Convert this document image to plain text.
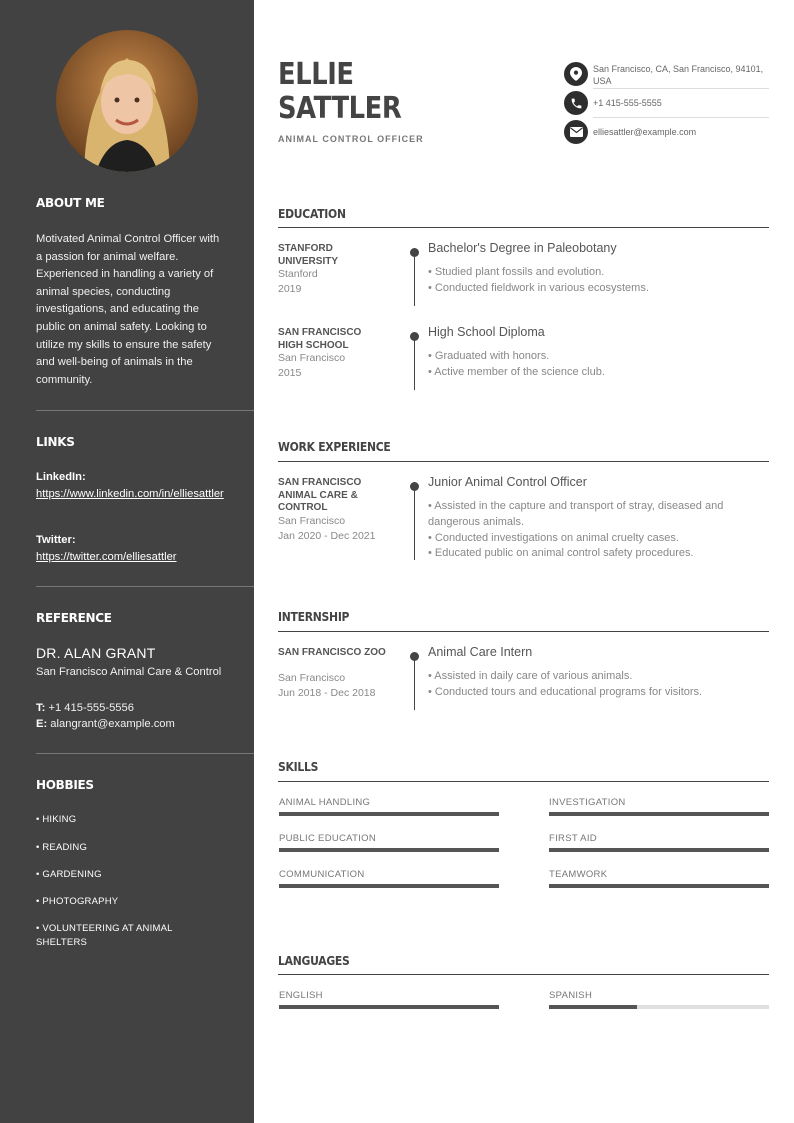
ABOUT ME
Motivated Animal Control Officer with a passion for animal welfare. Experienced in handling a variety of animal species, conducting investigations, and educating the public on animal safety. Looking to utilize my skills to ensure the safety and well-being of animals in the community.
LINKS
LinkedIn:
https://www.linkedin.com/in/elliesattler
Twitter:
https://twitter.com/elliesattler
REFERENCE
DR. ALAN GRANT
San Francisco Animal Care & Control
T: +1 415-555-5556
E: alangrant@example.com
HOBBIES
• HIKING
• READING
• GARDENING
• PHOTOGRAPHY
• VOLUNTEERING AT ANIMAL SHELTERS
ELLIE
SATTLER
ANIMAL CONTROL OFFICER
San Francisco, CA, San Francisco, 94101, USA
+1 415-555-5555
elliesattler@example.com
EDUCATION
STANFORD UNIVERSITY
Stanford
2019
Bachelor's Degree in Paleobotany
• Studied plant fossils and evolution.
• Conducted fieldwork in various ecosystems.
SAN FRANCISCO HIGH SCHOOL
San Francisco
2015
High School Diploma
• Graduated with honors.
• Active member of the science club.
WORK EXPERIENCE
SAN FRANCISCO ANIMAL CARE & CONTROL
San Francisco
Jan 2020 - Dec 2021
Junior Animal Control Officer
• Assisted in the capture and transport of stray, diseased and dangerous animals.
• Conducted investigations on animal cruelty cases.
• Educated public on animal control safety procedures.
INTERNSHIP
SAN FRANCISCO ZOO
San Francisco
Jun 2018 - Dec 2018
Animal Care Intern
• Assisted in daily care of various animals.
• Conducted tours and educational programs for visitors.
SKILLS
ANIMAL HANDLING	INVESTIGATION
PUBLIC EDUCATION	FIRST AID
COMMUNICATION	TEAMWORK
LANGUAGES
ENGLISH	SPANISH
